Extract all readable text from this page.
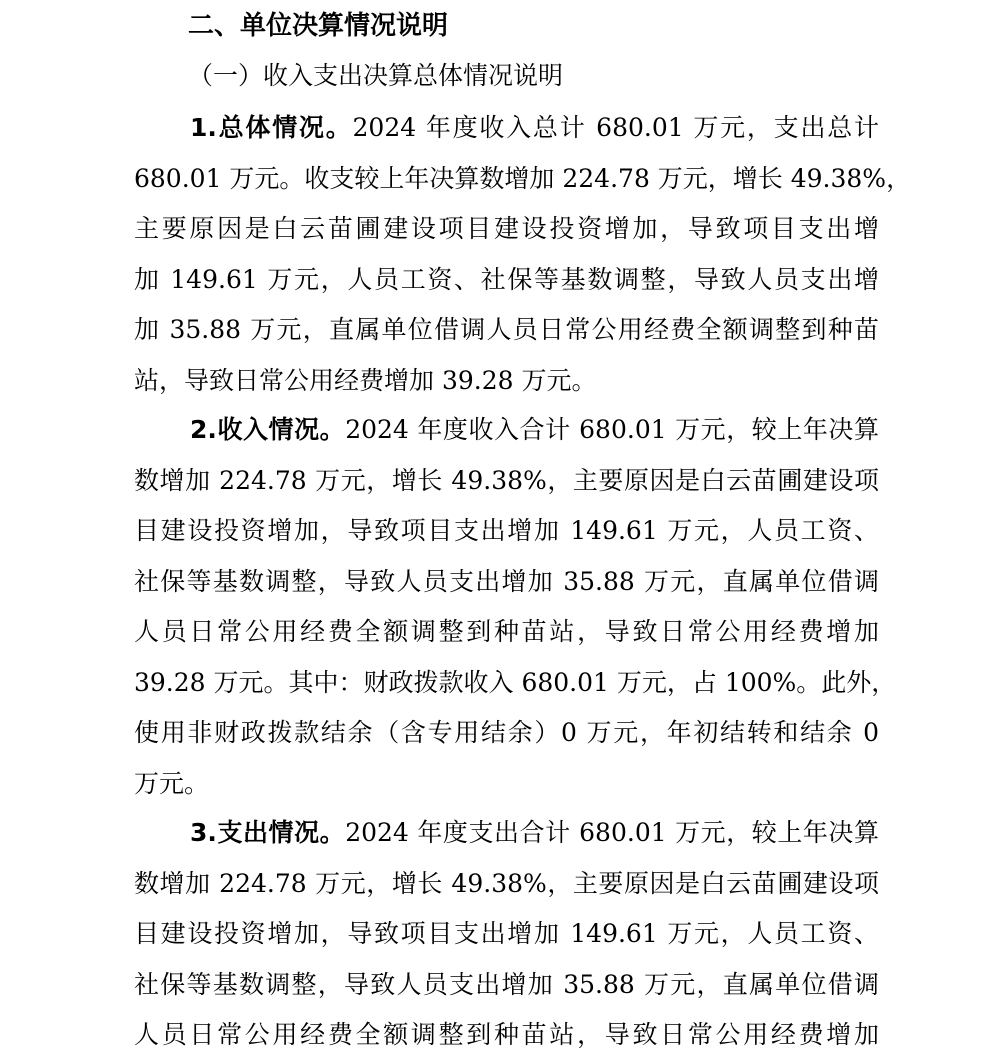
二、单位决算情况说明
（一）收入支出决算总体情况说明
1.总体情况。2024 年度收入总计 680.01 万元，支出总计
680.01 万元。收支较上年决算数增加 224.78 万元，增长 49.38%，
主要原因是白云苗圃建设项目建设投资增加，导致项目支出增
加 149.61 万元，人员工资、社保等基数调整，导致人员支出增
加 35.88 万元，直属单位借调人员日常公用经费全额调整到种苗
站，导致日常公用经费增加 39.28 万元。
2.收入情况。2024 年度收入合计 680.01 万元，较上年决算
数增加 224.78 万元，增长 49.38%，主要原因是白云苗圃建设项
目建设投资增加，导致项目支出增加 149.61 万元，人员工资、
社保等基数调整，导致人员支出增加 35.88 万元，直属单位借调
人员日常公用经费全额调整到种苗站，导致日常公用经费增加
39.28 万元。其中：财政拨款收入 680.01 万元，占 100%。此外，
使用非财政拨款结余（含专用结余）0 万元，年初结转和结余 0
万元。
3.支出情况。2024 年度支出合计 680.01 万元，较上年决算
数增加 224.78 万元，增长 49.38%，主要原因是白云苗圃建设项
目建设投资增加，导致项目支出增加 149.61 万元，人员工资、
社保等基数调整，导致人员支出增加 35.88 万元，直属单位借调
人员日常公用经费全额调整到种苗站，导致日常公用经费增加
